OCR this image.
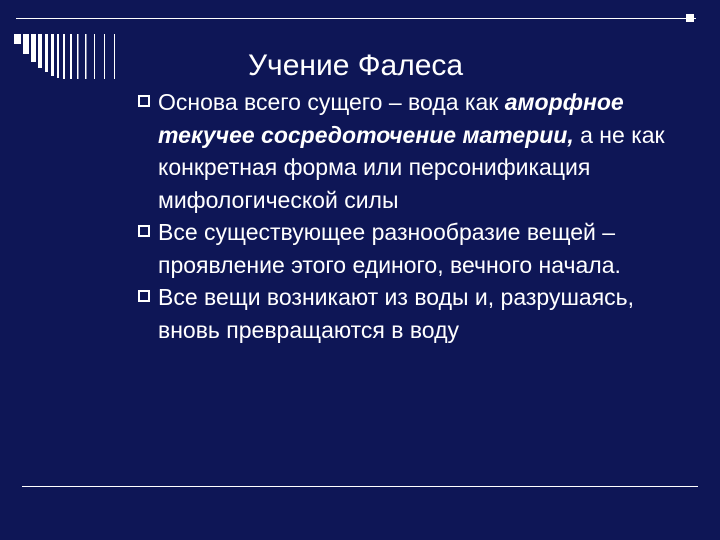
Учение Фалеса
Основа всего сущего – вода как аморфное текучее сосредоточение материи, а не как конкретная форма или персонификация мифологической силы
Все существующее разнообразие вещей – проявление этого единого, вечного начала.
Все вещи возникают из воды и, разрушаясь, вновь превращаются в воду
